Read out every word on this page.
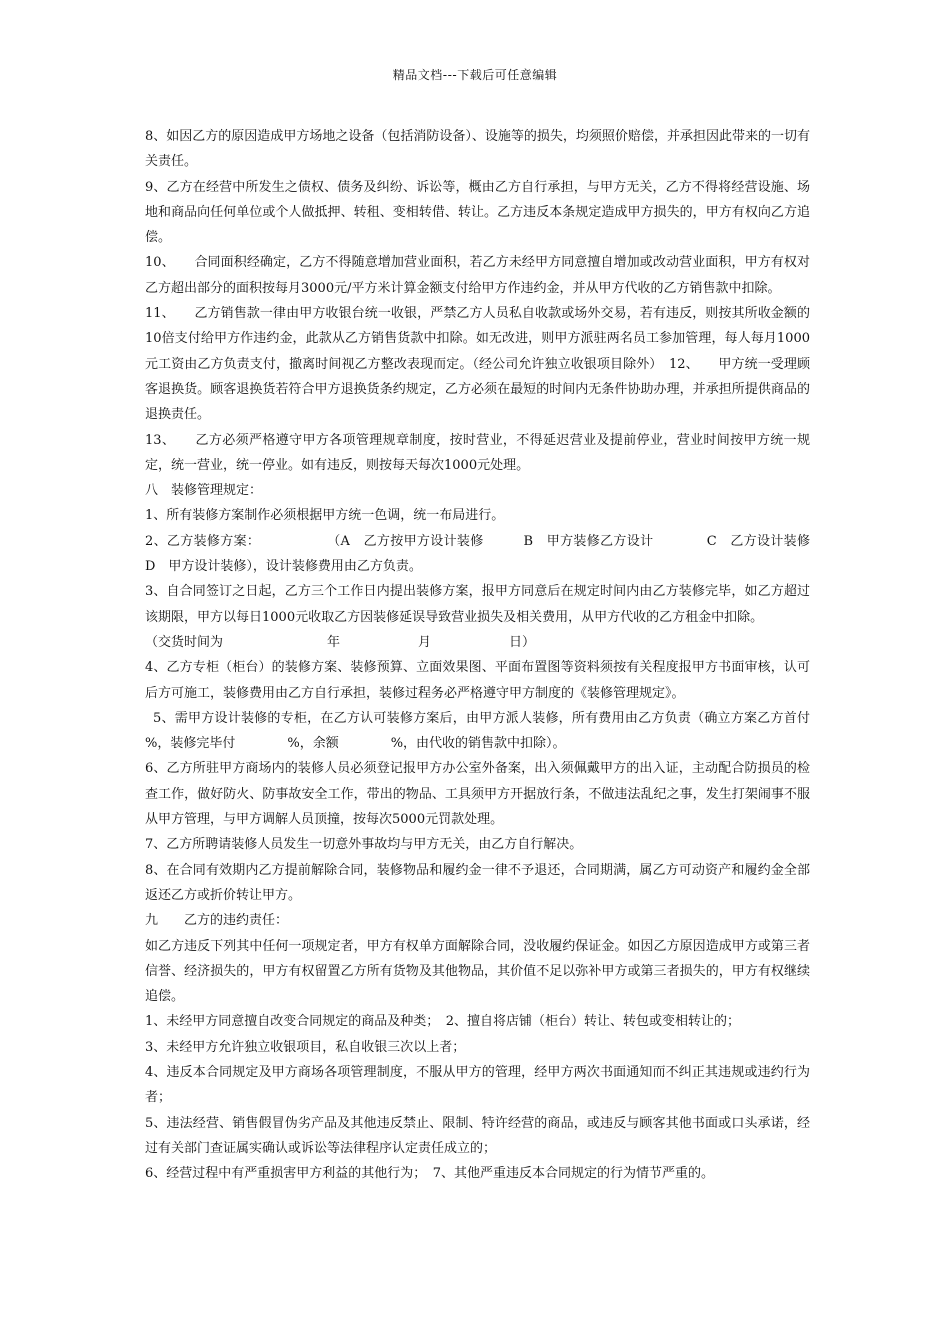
精品文档---下载后可任意编辑

8、如因乙方的原因造成甲方场地之设备（包括消防设备）、设施等的损失，均须照价赔偿，并承担因此带来的一切有关责任。

9、乙方在经营中所发生之债权、债务及纠纷、诉讼等，概由乙方自行承担，与甲方无关，乙方不得将经营设施、场地和商品向任何单位或个人做抵押、转租、变相转借、转让。乙方违反本条规定造成甲方损失的，甲方有权向乙方追偿。

10、　　合同面积经确定，乙方不得随意增加营业面积，若乙方未经甲方同意擅自增加或改动营业面积，甲方有权对乙方超出部分的面积按每月3000元/平方米计算金额支付给甲方作违约金，并从甲方代收的乙方销售款中扣除。

11、　　乙方销售款一律由甲方收银台统一收银，严禁乙方人员私自收款或场外交易，若有违反，则按其所收金额的10倍支付给甲方作违约金，此款从乙方销售货款中扣除。如无改进，则甲方派驻两名员工参加管理，每人每月1000元工资由乙方负责支付，撤离时间视乙方整改表现而定。（经公司允许独立收银项目除外）　12、　　甲方统一受理顾客退换货。顾客退换货若符合甲方退换货条约规定，乙方必须在最短的时间内无条件协助办理，并承担所提供商品的退换责任。

13、　　乙方必须严格遵守甲方各项管理规章制度，按时营业，不得延迟营业及提前停业，营业时间按甲方统一规定，统一营业，统一停业。如有违反，则按每天每次1000元处理。

八　装修管理规定：

1、所有装修方案制作必须根据甲方统一色调，统一布局进行。

2、乙方装修方案：　　　　　　（A　乙方按甲方设计装修　　　B　甲方装修乙方设计　　　　C　乙方设计装修　　　D　甲方设计装修），设计装修费用由乙方负责。

3、自合同签订之日起，乙方三个工作日内提出装修方案，报甲方同意后在规定时间内由乙方装修完毕，如乙方超过该期限，甲方以每日1000元收取乙方因装修延误导致营业损失及相关费用，从甲方代收的乙方租金中扣除。

（交货时间为　　　　　　　　年　　　　　　月　　　　　　日）

4、乙方专柜（柜台）的装修方案、装修预算、立面效果图、平面布置图等资料须按有关程度报甲方书面审核，认可后方可施工，装修费用由乙方自行承担，装修过程务必严格遵守甲方制度的《装修管理规定》。

5、需甲方设计装修的专柜，在乙方认可装修方案后，由甲方派人装修，所有费用由乙方负责（确立方案乙方首付　　　　%，装修完毕付　　　　%，余额　　　　%，由代收的销售款中扣除）。

6、乙方所驻甲方商场内的装修人员必须登记报甲方办公室外备案，出入须佩戴甲方的出入证，主动配合防损员的检查工作，做好防火、防事故安全工作，带出的物品、工具须甲方开据放行条，不做违法乱纪之事，发生打架闹事不服从甲方管理，与甲方调解人员顶撞，按每次5000元罚款处理。

7、乙方所聘请装修人员发生一切意外事故均与甲方无关，由乙方自行解决。

8、在合同有效期内乙方提前解除合同，装修物品和履约金一律不予退还，合同期满，属乙方可动资产和履约金全部返还乙方或折价转让甲方。

九　　乙方的违约责任：

如乙方违反下列其中任何一项规定者，甲方有权单方面解除合同，没收履约保证金。如因乙方原因造成甲方或第三者信誉、经济损失的，甲方有权留置乙方所有货物及其他物品，其价值不足以弥补甲方或第三者损失的，甲方有权继续追偿。

1、未经甲方同意擅自改变合同规定的商品及种类；　2、擅自将店铺（柜台）转让、转包或变相转让的；

3、未经甲方允许独立收银项目，私自收银三次以上者；

4、违反本合同规定及甲方商场各项管理制度，不服从甲方的管理，经甲方两次书面通知而不纠正其违规或违约行为者；

5、违法经营、销售假冒伪劣产品及其他违反禁止、限制、特许经营的商品，或违反与顾客其他书面或口头承诺，经过有关部门查证属实确认或诉讼等法律程序认定责任成立的；

6、经营过程中有严重损害甲方利益的其他行为；　7、其他严重违反本合同规定的行为情节严重的。
